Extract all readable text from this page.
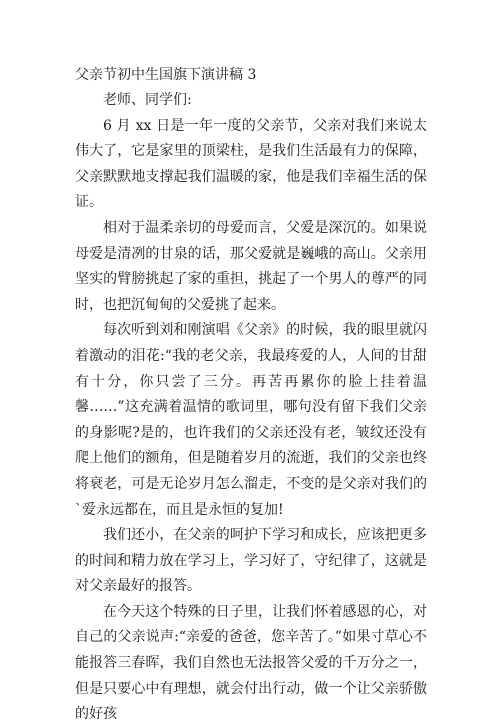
父亲节初中生国旗下演讲稿 3

老师、同学们:

6 月 xx 日是一年一度的父亲节，父亲对我们来说太伟大了，它是家里的顶梁柱，是我们生活最有力的保障，父亲默默地支撑起我们温暖的家，他是我们幸福生活的保证。

相对于温柔亲切的母爱而言，父爱是深沉的。如果说母爱是清冽的甘泉的话，那父爱就是巍峨的高山。父亲用坚实的臂膀挑起了家的重担，挑起了一个男人的尊严的同时，也把沉甸甸的父爱挑了起来。

每次听到刘和刚演唱《父亲》的时候，我的眼里就闪着激动的泪花:“我的老父亲，我最疼爱的人，人间的甘甜有十分，你只尝了三分。再苦再累你的脸上挂着温馨……”这充满着温情的歌词里，哪句没有留下我们父亲的身影呢?是的，也许我们的父亲还没有老，皱纹还没有爬上他们的额角，但是随着岁月的流逝，我们的父亲也终将衰老，可是无论岁月怎么溜走，不变的是父亲对我们的`爱永远都在，而且是永恒的复加!

我们还小，在父亲的呵护下学习和成长，应该把更多的时间和精力放在学习上，学习好了，守纪律了，这就是对父亲最好的报答。

在今天这个特殊的日子里，让我们怀着感恩的心，对自己的父亲说声:“亲爱的爸爸，您辛苦了。”如果寸草心不能报答三春晖，我们自然也无法报答父爱的千万分之一，但是只要心中有理想，就会付出行动，做一个让父亲骄傲的好孩
